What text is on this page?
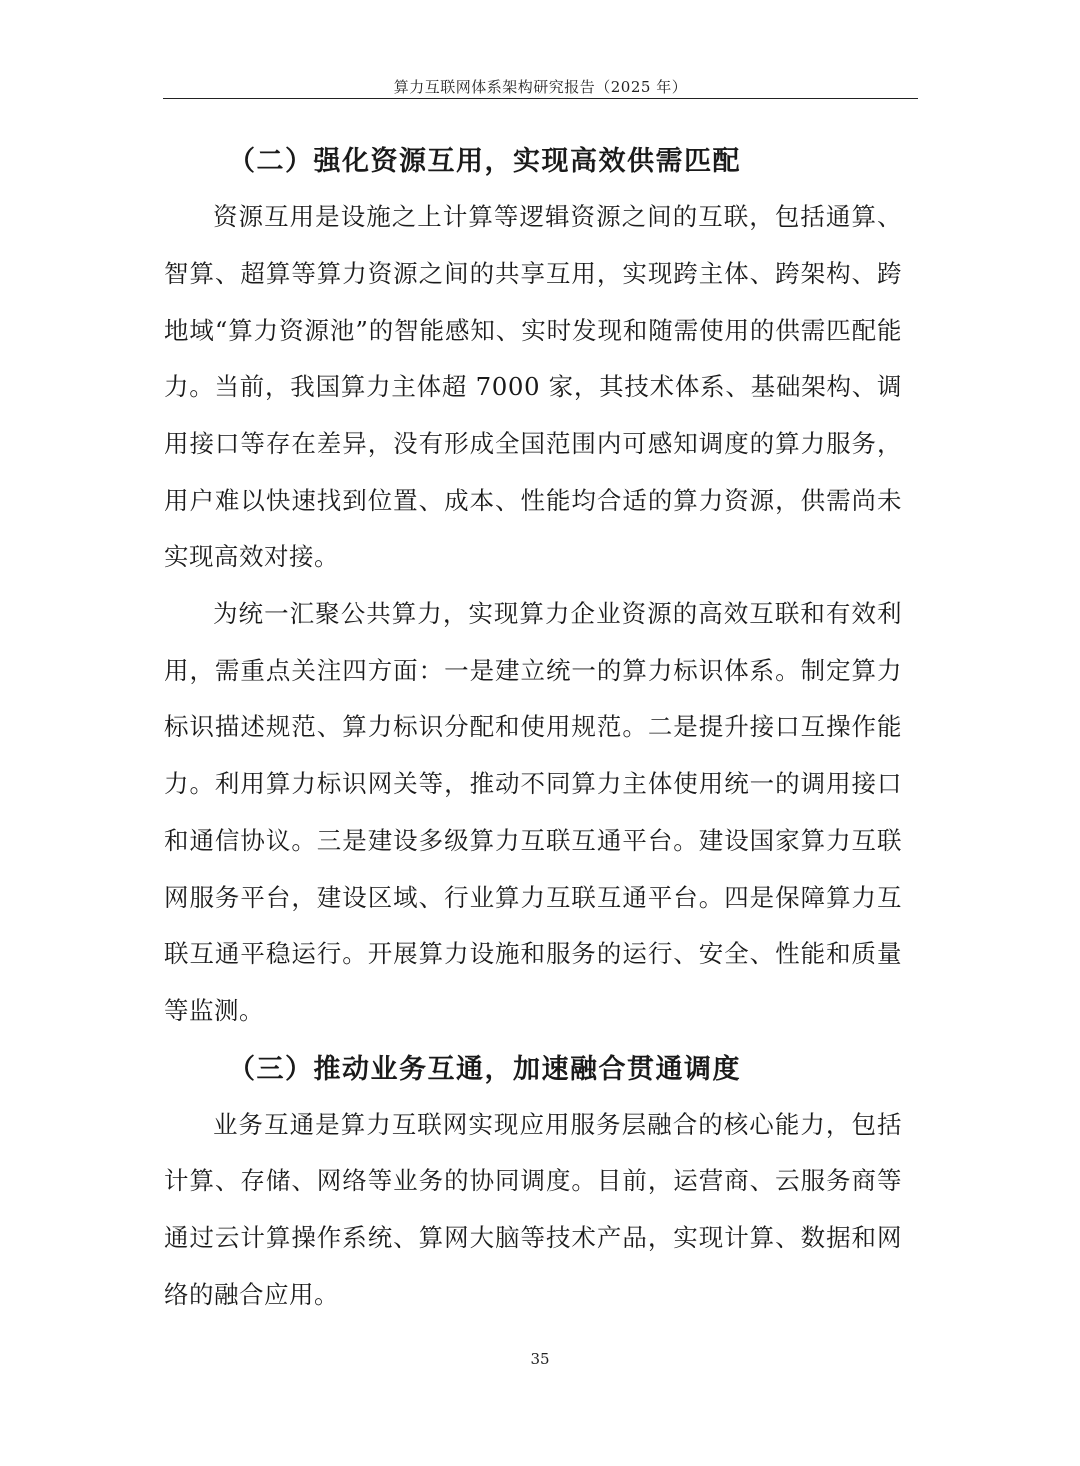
算力互联网体系架构研究报告（2025 年）
（二）强化资源互用，实现高效供需匹配

资源互用是设施之上计算等逻辑资源之间的互联，包括通算、智算、超算等算力资源之间的共享互用，实现跨主体、跨架构、跨地域“算力资源池”的智能感知、实时发现和随需使用的供需匹配能力。当前，我国算力主体超 7000 家，其技术体系、基础架构、调用接口等存在差异，没有形成全国范围内可感知调度的算力服务，用户难以快速找到位置、成本、性能均合适的算力资源，供需尚未实现高效对接。

为统一汇聚公共算力，实现算力企业资源的高效互联和有效利用，需重点关注四方面：一是建立统一的算力标识体系。制定算力标识描述规范、算力标识分配和使用规范。二是提升接口互操作能力。利用算力标识网关等，推动不同算力主体使用统一的调用接口和通信协议。三是建设多级算力互联互通平台。建设国家算力互联网服务平台，建设区域、行业算力互联互通平台。四是保障算力互联互通平稳运行。开展算力设施和服务的运行、安全、性能和质量等监测。

（三）推动业务互通，加速融合贯通调度

业务互通是算力互联网实现应用服务层融合的核心能力，包括计算、存储、网络等业务的协同调度。目前，运营商、云服务商等通过云计算操作系统、算网大脑等技术产品，实现计算、数据和网络的融合应用。

35
